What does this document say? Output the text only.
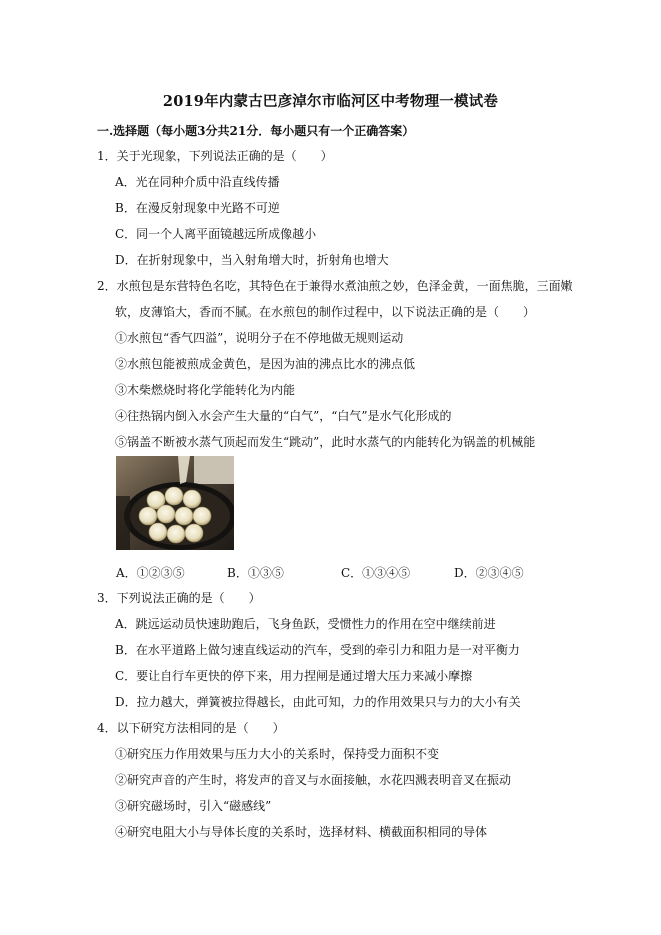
2019年内蒙古巴彦淖尔市临河区中考物理一模试卷
一.选择题（每小题3分共21分．每小题只有一个正确答案）
1．关于光现象，下列说法正确的是（　　）
A．光在同种介质中沿直线传播
B．在漫反射现象中光路不可逆
C．同一个人离平面镜越远所成像越小
D．在折射现象中，当入射角增大时，折射角也增大
2．水煎包是东营特色名吃，其特色在于兼得水煮油煎之妙，色泽金黄，一面焦脆，三面嫩
软，皮薄馅大，香而不腻。在水煎包的制作过程中，以下说法正确的是（　　）
①水煎包“香气四溢”，说明分子在不停地做无规则运动
②水煎包能被煎成金黄色，是因为油的沸点比水的沸点低
③木柴燃烧时将化学能转化为内能
④往热锅内倒入水会产生大量的“白气”，“白气”是水气化形成的
⑤锅盖不断被水蒸气顶起而发生“跳动”，此时水蒸气的内能转化为锅盖的机械能
A．①②③⑤	B．①③⑤	C．①③④⑤	D．②③④⑤
3．下列说法正确的是（　　）
A．跳远运动员快速助跑后，飞身鱼跃，受惯性力的作用在空中继续前进
B．在水平道路上做匀速直线运动的汽车，受到的牵引力和阻力是一对平衡力
C．要让自行车更快的停下来，用力捏闸是通过增大压力来减小摩擦
D．拉力越大，弹簧被拉得越长，由此可知，力的作用效果只与力的大小有关
4．以下研究方法相同的是（　　）
①研究压力作用效果与压力大小的关系时，保持受力面积不变
②研究声音的产生时，将发声的音叉与水面接触，水花四溅表明音叉在振动
③研究磁场时，引入“磁感线”
④研究电阻大小与导体长度的关系时，选择材料、横截面积相同的导体
